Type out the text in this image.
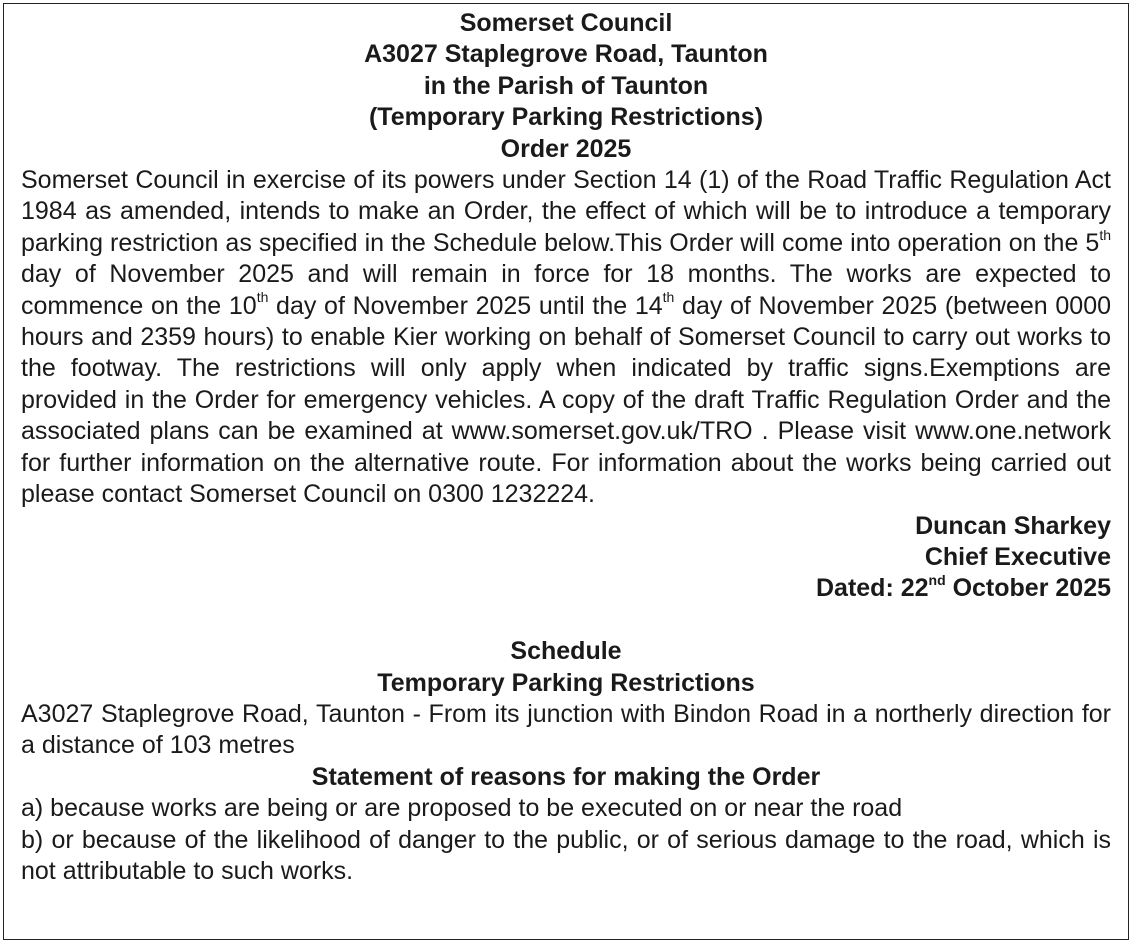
Somerset Council

A3027 Staplegrove Road, Taunton

in the Parish of Taunton

(Temporary Parking Restrictions)

Order 2025

Somerset Council in exercise of its powers under Section 14 (1) of the Road Traffic Regulation Act 1984 as amended, intends to make an Order, the effect of which will be to introduce a temporary parking restriction as specified in the Schedule below.This Order will come into operation on the 5th day of November 2025 and will remain in force for 18 months. The works are expected to commence on the 10th day of November 2025 until the 14th day of November 2025 (between 0000 hours and 2359 hours) to enable Kier working on behalf of Somerset Council to carry out works to the footway. The restrictions will only apply when indicated by traffic signs.Exemptions are provided in the Order for emergency vehicles. A copy of the draft Traffic Regulation Order and the associated plans can be examined at www.somerset.gov.uk/TRO . Please visit www.one.network for further information on the alternative route. For information about the works being carried out please contact Somerset Council on 0300 1232224.

Duncan Sharkey

Chief Executive

Dated: 22nd October 2025

Schedule

Temporary Parking Restrictions

A3027 Staplegrove Road, Taunton - From its junction with Bindon Road in a northerly direction for a distance of 103 metres

Statement of reasons for making the Order

a) because works are being or are proposed to be executed on or near the road

b) or because of the likelihood of danger to the public, or of serious damage to the road, which is not attributable to such works.
